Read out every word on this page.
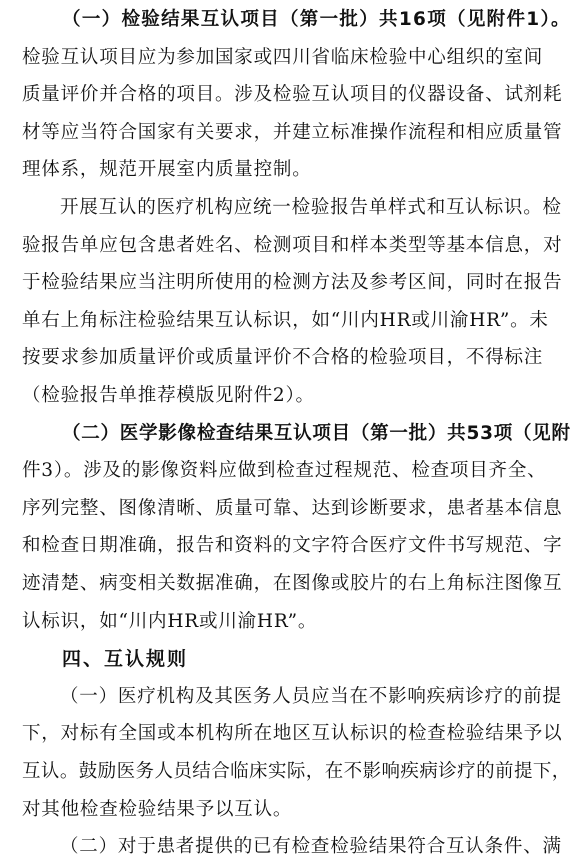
（一）检验结果互认项目（第一批）共16项（见附件1）。
检验互认项目应为参加国家或四川省临床检验中心组织的室间
质量评价并合格的项目。涉及检验互认项目的仪器设备、试剂耗
材等应当符合国家有关要求，并建立标准操作流程和相应质量管
理体系，规范开展室内质量控制。
开展互认的医疗机构应统一检验报告单样式和互认标识。检
验报告单应包含患者姓名、检测项目和样本类型等基本信息，对
于检验结果应当注明所使用的检测方法及参考区间，同时在报告
单右上角标注检验结果互认标识，如“川内HR或川渝HR”。未
按要求参加质量评价或质量评价不合格的检验项目，不得标注
（检验报告单推荐模版见附件2）。
（二）医学影像检查结果互认项目（第一批）共53项（见附
件3）。涉及的影像资料应做到检查过程规范、检查项目齐全、
序列完整、图像清晰、质量可靠、达到诊断要求，患者基本信息
和检查日期准确，报告和资料的文字符合医疗文件书写规范、字
迹清楚、病变相关数据准确，在图像或胶片的右上角标注图像互
认标识，如“川内HR或川渝HR”。
四、互认规则
（一）医疗机构及其医务人员应当在不影响疾病诊疗的前提
下，对标有全国或本机构所在地区互认标识的检查检验结果予以
互认。鼓励医务人员结合临床实际，在不影响疾病诊疗的前提下，
对其他检查检验结果予以互认。
（二）对于患者提供的已有检查检验结果符合互认条件、满
